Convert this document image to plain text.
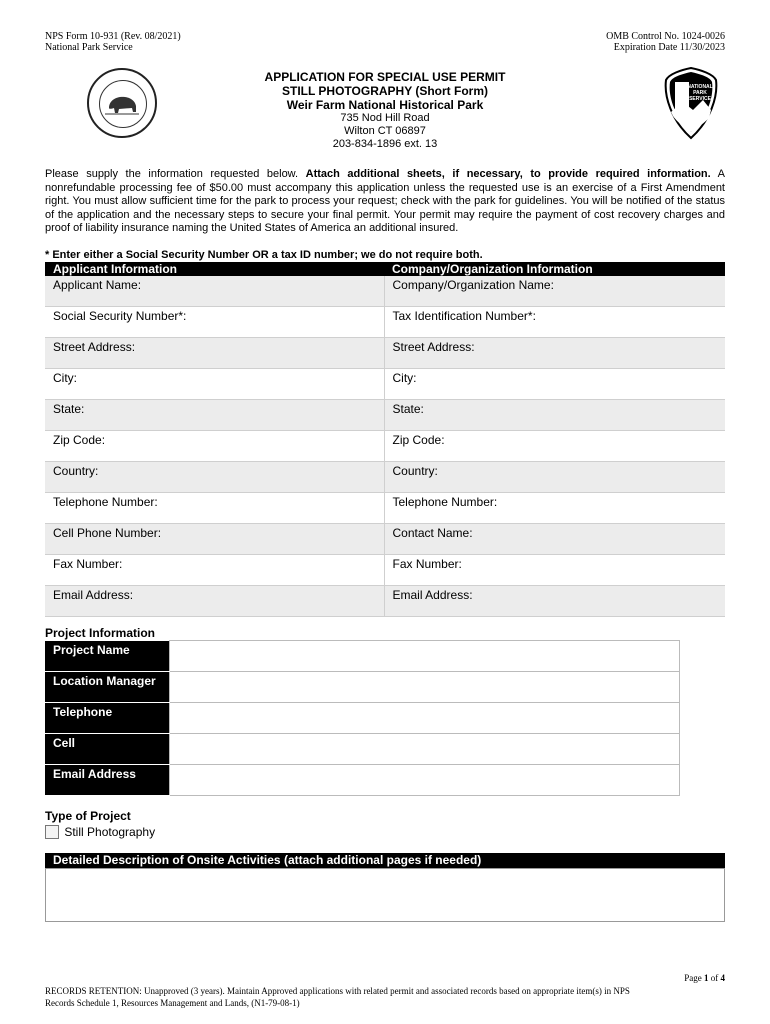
NPS Form 10-931 (Rev. 08/2021)
National Park Service
OMB Control No. 1024-0026
Expiration Date 11/30/2023
APPLICATION FOR SPECIAL USE PERMIT
STILL PHOTOGRAPHY (Short Form)
Weir Farm National Historical Park
735 Nod Hill Road
Wilton CT 06897
203-834-1896 ext. 13
NATIONAL
PARK
SERVICE
Please supply the information requested below. Attach additional sheets, if necessary, to provide required information. A nonrefundable processing fee of $50.00 must accompany this application unless the requested use is an exercise of a First Amendment right. You must allow sufficient time for the park to process your request; check with the park for guidelines. You will be notified of the status of the application and the necessary steps to secure your final permit. Your permit may require the payment of cost recovery charges and proof of liability insurance naming the United States of America an additional insured.
* Enter either a Social Security Number OR a tax ID number; we do not require both.
Applicant Information	Company/Organization Information
Applicant Name:	Company/Organization Name:
Social Security Number*:	Tax Identification Number*:
Street Address:	Street Address:
City:	City:
State:	State:
Zip Code:	Zip Code:
Country:	Country:
Telephone Number:	Telephone Number:
Cell Phone Number:	Contact Name:
Fax Number:	Fax Number:
Email Address:	Email Address:
Project Information
Project Name	
Location Manager	
Telephone	
Cell	
Email Address	
Type of Project
Still Photography
Detailed Description of Onsite Activities (attach additional pages if needed)
Page 1 of 4
RECORDS RETENTION: Unapproved (3 years). Maintain Approved applications with related permit and associated records based on appropriate item(s) in NPS
Records Schedule 1, Resources Management and Lands, (N1-79-08-1)
